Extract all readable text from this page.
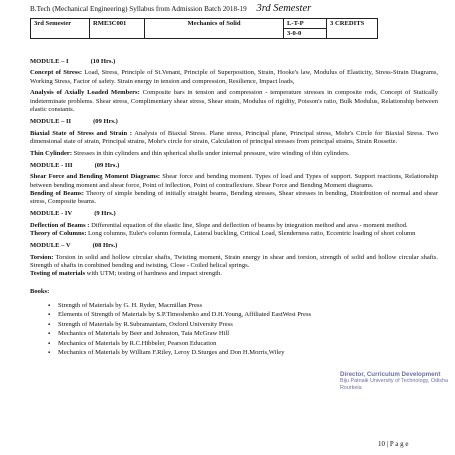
B.Tech (Mechanical Engineering) Syllabus from Admission Batch 2018-19 3rd Semester
3rd Semester	RME3C001	Mechanics of Solid	L-T-P	3 CREDITS
3-0-0
MODULE – I	(10 Hrs.)

Concept of Stress: Load, Stress, Principle of St.Venant, Principle of Superposition, Strain, Hooke's law, Modulus of Elasticity, Stress-Strain Diagrams, Working Stress, Factor of safety. Strain energy in tension and compression, Resilience, Impact loads,

Analysis of Axially Loaded Members: Composite bars in tension and compression - temperature stresses in composite rods, Concept of Statically indeterminate problems. Shear stress, Complimentary shear stress, Shear strain, Modulus of rigidity, Poisson's ratio, Bulk Modulus, Relationship between elastic constants.

MODULE – II	(09 Hrs.)

Biaxial State of Stress and Strain : Analysis of Biaxial Stress. Plane stress, Principal plane, Principal stress, Mohr's Circle for Biaxial Stress. Two dimensional state of strain, Principal strains, Mohr's circle for strain, Calculation of principal stresses from principal strains, Strain Rossette.

Thin Cylinder: Stresses in thin cylinders and thin spherical shells under internal pressure, wire winding of thin cylinders.

MODULE - III	(09 Hrs.)

Shear Force and Bending Moment Diagrams: Shear force and bending moment. Types of load and Types of support. Support reactions, Relationship between bending moment and shear force, Point of inflection, Point of contraflexture. Shear Force and Bending Moment diagrams.
Bending of Beams: Theory of simple bending of initially straight beams, Bending stresses, Shear stresses in bending, Distribution of normal and shear stress, Composite beams.

MODULE - IV	(9 Hrs.)

Deflection of Beams : Differential equation of the elastic line, Slope and deflection of beams by integration method and area - moment method.
Theory of Columns: Long columns, Euler's column formula, Lateral buckling, Critical Load, Slenderness ratio, Eccentric loading of short column

MODULE – V	(08 Hrs.)

Torsion: Torsion in solid and hollow circular shafts, Twisting moment, Strain energy in shear and torsion, strength of solid and hollow circular shafts. Strength of shafts in combined bending and twisting, Close - Coiled helical springs.
Testing of materials with UTM; testing of hardness and impact strength.

Books:
▪ Strength of Materials by G. H. Ryder, Macmillan Press
▪ Elements of Strength of Materials by S.P.Timoshenko and D.H.Young, Affiliated EastWest Press
▪ Strength of Materials by R.Subramaniam, Oxford University Press
▪ Mechanics of Materials by Beer and Johnston, Tata McGraw Hill
▪ Mechanics of Materials by R.C.Hibbeler, Pearson Education
▪ Mechanics of Materials by William F.Riley, Leroy D.Sturges and Don H.Morris,Wiley
Director, Curriculum Development
Biju Patnaik University of Technology, Odisha
Rourkela
10 | P a g e
